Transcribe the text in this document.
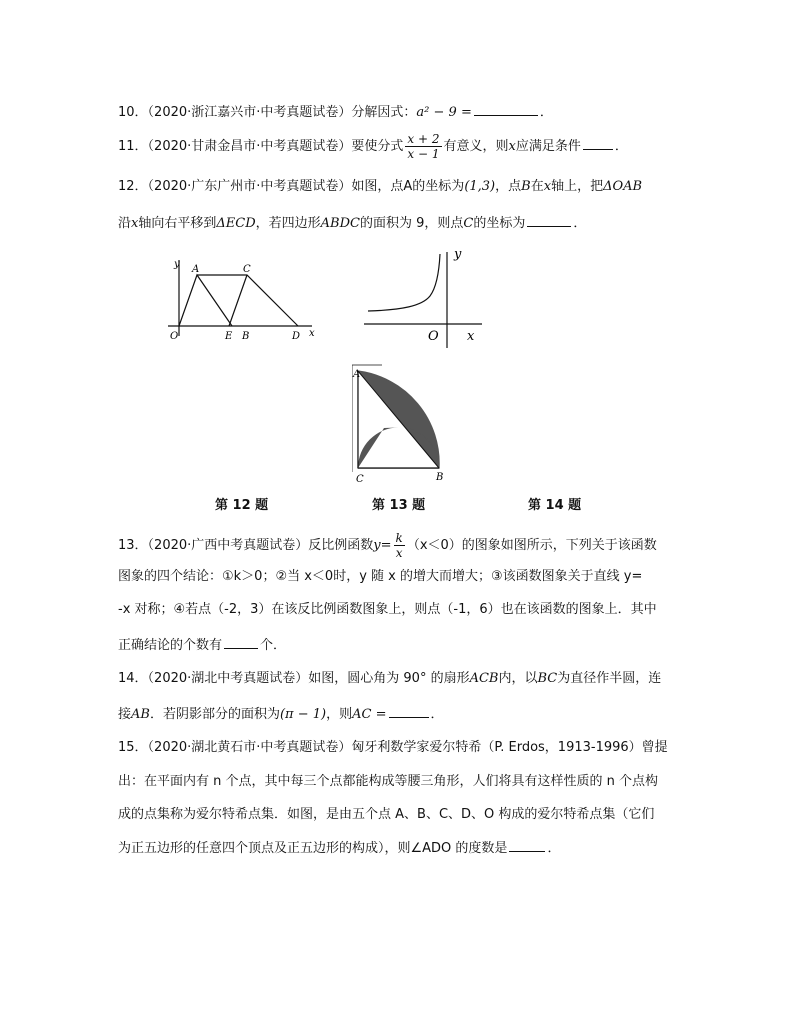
10．（2020·浙江嘉兴市·中考真题试卷）分解因式：a² − 9 =	．
11．（2020·甘肃金昌市·中考真题试卷）要使分式 $\frac{x + 2}{x - 1}$ 有意义，则x应满足条件	．
12．（2020·广东广州市·中考真题试卷）如图，点A的坐标为(1,3)，点B在x轴上，把ΔOAB
沿x轴向右平移到ΔECD，若四边形ABDC的面积为 9，则点C的坐标为	．
y A	C
O	E B	D x
y
O x
A
C	B
第 12 题	第 13 题	第 14 题
13．（2020·广西中考真题试卷）反比例函数$y= \frac{k}{x} (x<0)$的图象如图所示，下列关于该函数
图象的四个结论：①k＞0；②当 x＜0时，y 随 x 的增大而增大；③该函数图象关于直线 y=
-x 对称；④若点（-2，3）在该反比例函数图象上，则点（-1，6）也在该函数的图象上．其中
正确结论的个数有	个．
14．（2020·湖北中考真题试卷）如图，圆心角为 90° 的扇形ACB内，以BC为直径作半圆，连
接AB．若阴影部分的面积为(π − 1)，则AC =	．
15．（2020·湖北黄石市·中考真题试卷）匈牙利数学家爱尔特希（P. Erdos，1913-1996）曾提
出：在平面内有 n 个点，其中每三个点都能构成等腰三角形，人们将具有这样性质的 n 个点构
成的点集称为爱尔特希点集．如图，是由五个点 A、B、C、D、O 构成的爱尔特希点集（它们
为正五边形的任意四个顶点及正五边形的构成），则∠ADO 的度数是	．
